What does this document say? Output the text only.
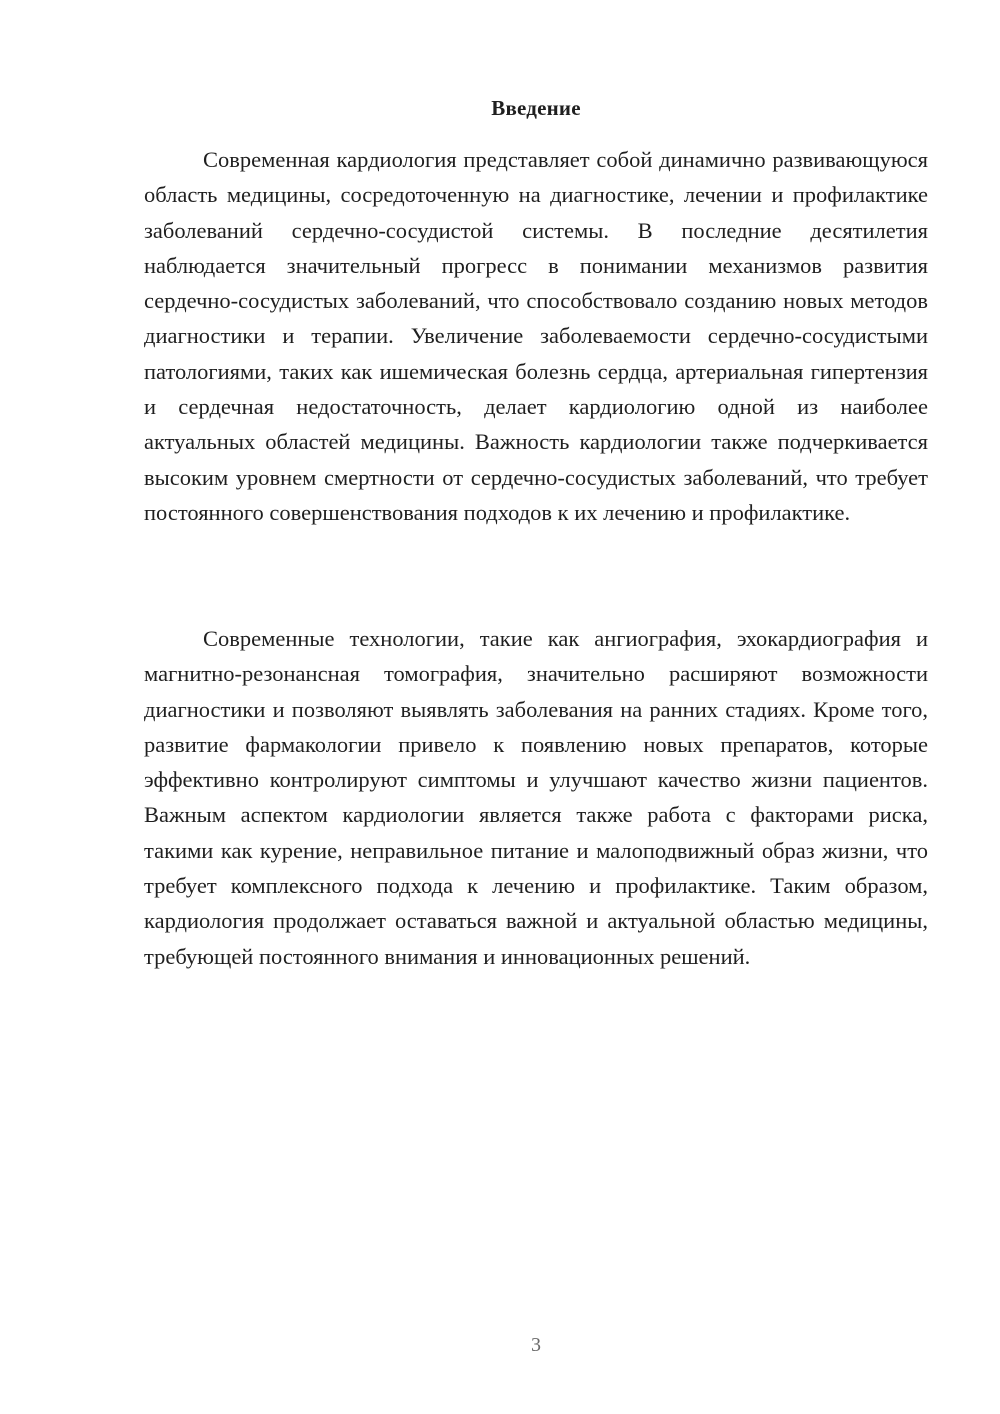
Введение

Современная кардиология представляет собой динамично развивающуюся область медицины, сосредоточенную на диагностике, лечении и профилактике заболеваний сердечно-сосудистой системы. В последние десятилетия наблюдается значительный прогресс в понимании механизмов развития сердечно-сосудистых заболеваний, что способствовало созданию новых методов диагностики и терапии. Увеличение заболеваемости сердечно-сосудистыми патологиями, таких как ишемическая болезнь сердца, артериальная гипертензия и сердечная недостаточность, делает кардиологию одной из наиболее актуальных областей медицины. Важность кардиологии также подчеркивается высоким уровнем смертности от сердечно-сосудистых заболеваний, что требует постоянного совершенствования подходов к их лечению и профилактике.

Современные технологии, такие как ангиография, эхокардиография и магнитно-резонансная томография, значительно расширяют возможности диагностики и позволяют выявлять заболевания на ранних стадиях. Кроме того, развитие фармакологии привело к появлению новых препаратов, которые эффективно контролируют симптомы и улучшают качество жизни пациентов. Важным аспектом кардиологии является также работа с факторами риска, такими как курение, неправильное питание и малоподвижный образ жизни, что требует комплексного подхода к лечению и профилактике. Таким образом, кардиология продолжает оставаться важной и актуальной областью медицины, требующей постоянного внимания и инновационных решений.

3
